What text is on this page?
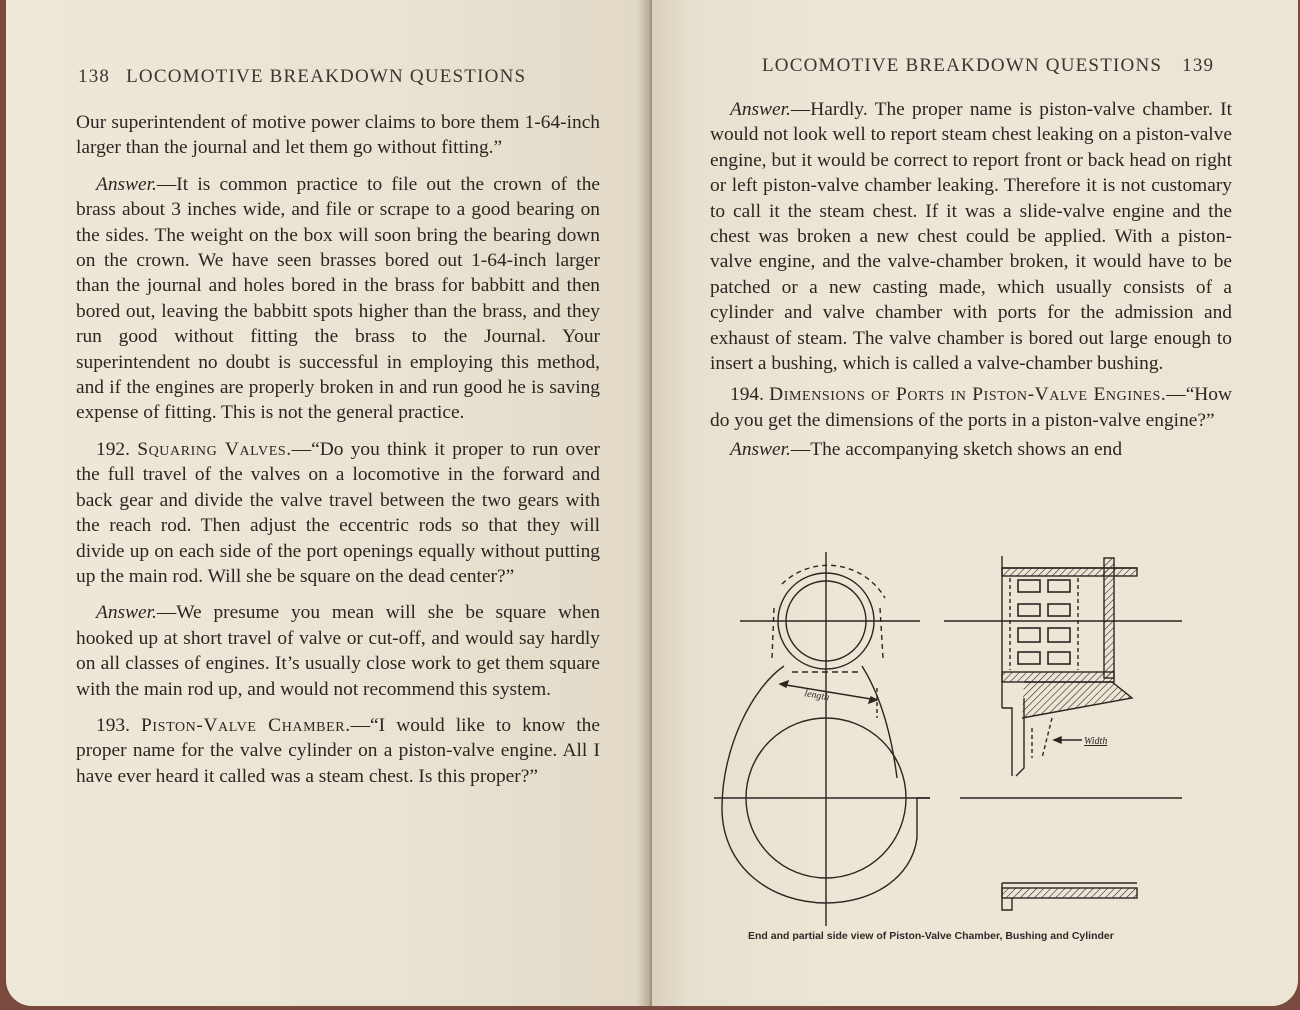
138 LOCOMOTIVE BREAKDOWN QUESTIONS

Our superintendent of motive power claims to bore them 1-64-inch larger than the journal and let them go without fitting.”

Answer.—It is common practice to file out the crown of the brass about 3 inches wide, and file or scrape to a good bearing on the sides. The weight on the box will soon bring the bearing down on the crown. We have seen brasses bored out 1-64-inch larger than the journal and holes bored in the brass for babbitt and then bored out, leaving the babbitt spots higher than the brass, and they run good without fitting the brass to the Journal. Your superintendent no doubt is successful in employing this method, and if the engines are properly broken in and run good he is saving expense of fitting. This is not the general practice.

192. Squaring Valves.—“Do you think it proper to run over the full travel of the valves on a locomotive in the forward and back gear and divide the valve travel between the two gears with the reach rod. Then adjust the eccentric rods so that they will divide up on each side of the port openings equally without putting up the main rod. Will she be square on the dead center?”

Answer.—We presume you mean will she be square when hooked up at short travel of valve or cut-off, and would say hardly on all classes of engines. It’s usually close work to get them square with the main rod up, and would not recommend this system.

193. Piston-Valve Chamber.—“I would like to know the proper name for the valve cylinder on a piston-valve engine. All I have ever heard it called was a steam chest. Is this proper?”

LOCOMOTIVE BREAKDOWN QUESTIONS 139

Answer.—Hardly. The proper name is piston-valve chamber. It would not look well to report steam chest leaking on a piston-valve engine, but it would be correct to report front or back head on right or left piston-valve chamber leaking. Therefore it is not customary to call it the steam chest. If it was a slide-valve engine and the chest was broken a new chest could be applied. With a piston-valve engine, and the valve-chamber broken, it would have to be patched or a new casting made, which usually consists of a cylinder and valve chamber with ports for the admission and exhaust of steam. The valve chamber is bored out large enough to insert a bushing, which is called a valve-chamber bushing.

194. Dimensions of Ports in Piston-Valve Engines.—“How do you get the dimensions of the ports in a piston-valve engine?”

Answer.—The accompanying sketch shows an end

length
Width
End and partial side view of Piston-Valve Chamber, Bushing and Cylinder
